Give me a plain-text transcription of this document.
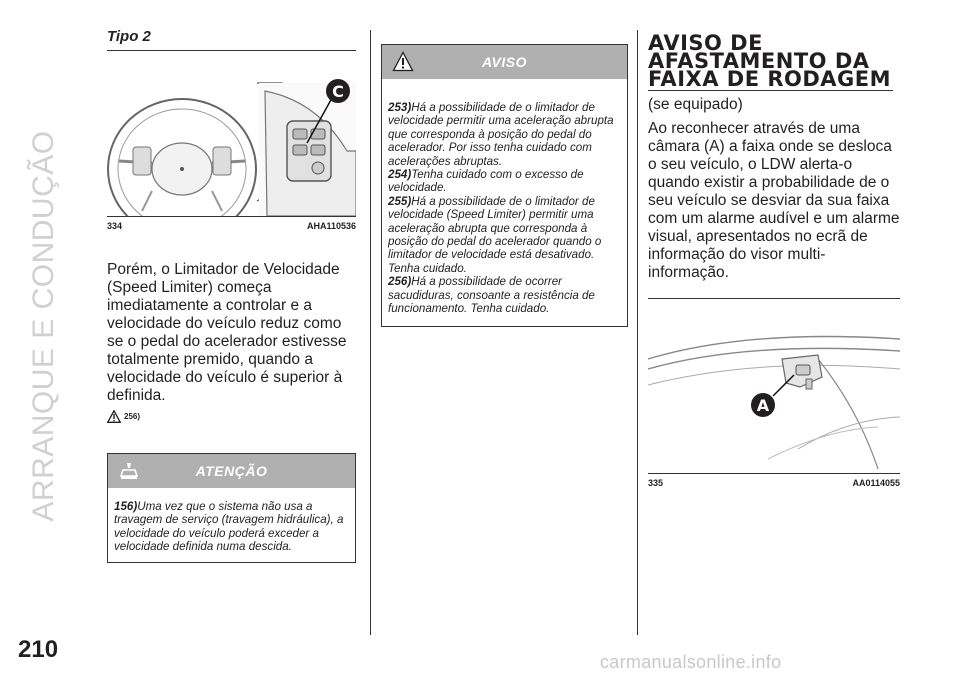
ARRANQUE E CONDUÇÃO
210	carmanualsonline.info
Tipo 2
C
334	AHA110536

Porém, o Limitador de Velocidade (Speed Limiter) começa imediatamente a controlar e a velocidade do veículo reduz como se o pedal do acelerador estivesse totalmente premido, quando a velocidade do veículo é superior à definida.

256)
ATENÇÃO

156)Uma vez que o sistema não usa a travagem de serviço (travagem hidráulica), a velocidade do veículo poderá exceder a velocidade definida numa descida.

AVISO

253)Há a possibilidade de o limitador de velocidade permitir uma aceleração abrupta que corresponda à posição do pedal do acelerador. Por isso tenha cuidado com acelerações abruptas.

254)Tenha cuidado com o excesso de velocidade.

255)Há a possibilidade de o limitador de velocidade (Speed Limiter) permitir uma aceleração abrupta que corresponda à posição do pedal do acelerador quando o limitador de velocidade está desativado. Tenha cuidado.

256)Há a possibilidade de ocorrer sacudiduras, consoante a resistência de funcionamento. Tenha cuidado.

AVISO DE
AFASTAMENTO DA
FAIXA DE RODAGEM

(se equipado)

Ao reconhecer através de uma câmara (A) a faixa onde se desloca o seu veículo, o LDW alerta-o quando existir a probabilidade de o seu veículo se desviar da sua faixa com um alarme audível e um alarme visual, apresentados no ecrã de informação do visor multi-informação.

A
335	AA0114055
